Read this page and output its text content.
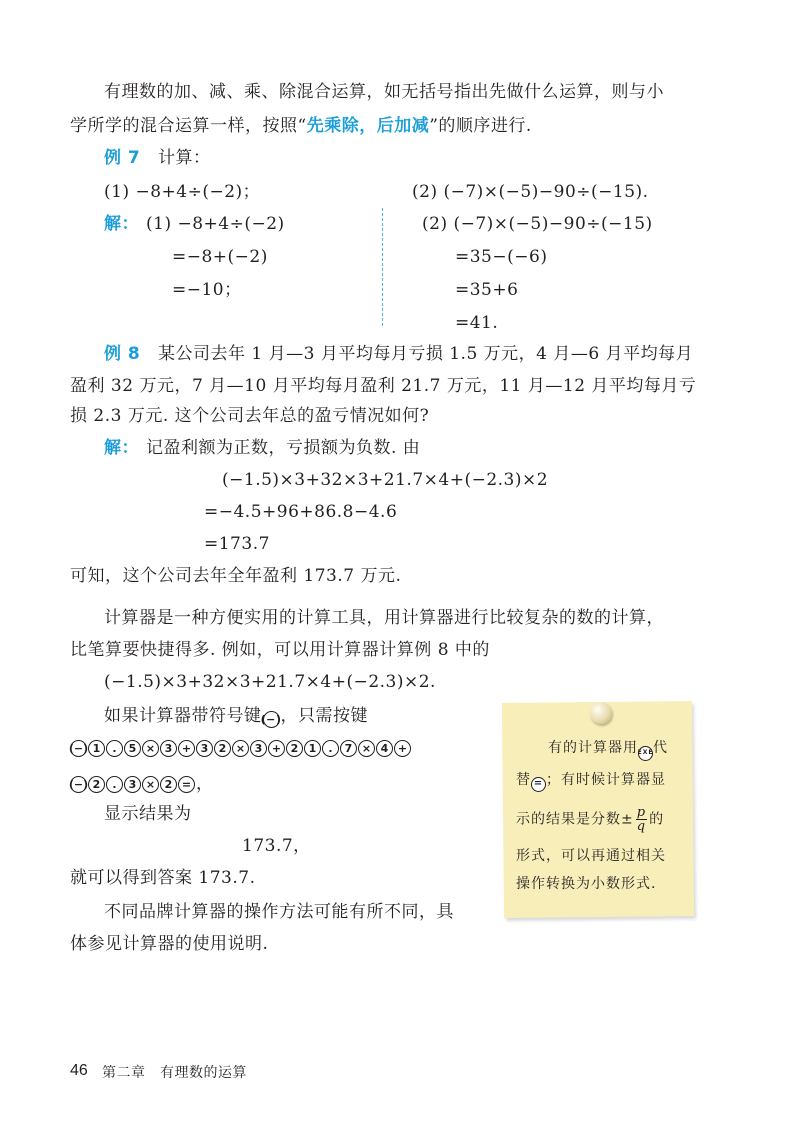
有理数的加、减、乘、除混合运算，如无括号指出先做什么运算，则与小
学所学的混合运算一样，按照“先乘除，后加减”的顺序进行.
例 7 计算：
(1) −8+4÷(−2)；	(2) (−7)×(−5)−90÷(−15).
解： (1) −8+4÷(−2)
=−8+(−2)
=−10；
(2) (−7)×(−5)−90÷(−15)
=35−(−6)
=35+6
=41.
例 8 某公司去年 1 月—3 月平均每月亏损 1.5 万元，4 月—6 月平均每月
盈利 32 万元，7 月—10 月平均每月盈利 21.7 万元，11 月—12 月平均每月亏
损 2.3 万元. 这个公司去年总的盈亏情况如何?
解： 记盈利额为正数，亏损额为负数. 由
(−1.5)×3+32×3+21.7×4+(−2.3)×2
=−4.5+96+86.8−4.6
=173.7
可知，这个公司去年全年盈利 173.7 万元.
计算器是一种方便实用的计算工具，用计算器进行比较复杂的数的计算，
比笔算要快捷得多. 例如，可以用计算器计算例 8 中的
(−1.5)×3+32×3+21.7×4+(−2.3)×2.
如果计算器带符号键(−)，只需按键
(−) 1	.	5 × 3 + 3 2 × 3 + 2 1	.	7 × 4 +
(−) 2	.	3 × 2 = ，
显示结果为
173.7，
就可以得到答案 173.7.
不同品牌计算器的操作方法可能有所不同，具
体参见计算器的使用说明.
有的计算器用EXE代
替 = ；有时候计算器显
示的结果是分数± $\frac{p}{q}$ 的
形式，可以再通过相关
操作转换为小数形式.
46 第二章　有理数的运算
